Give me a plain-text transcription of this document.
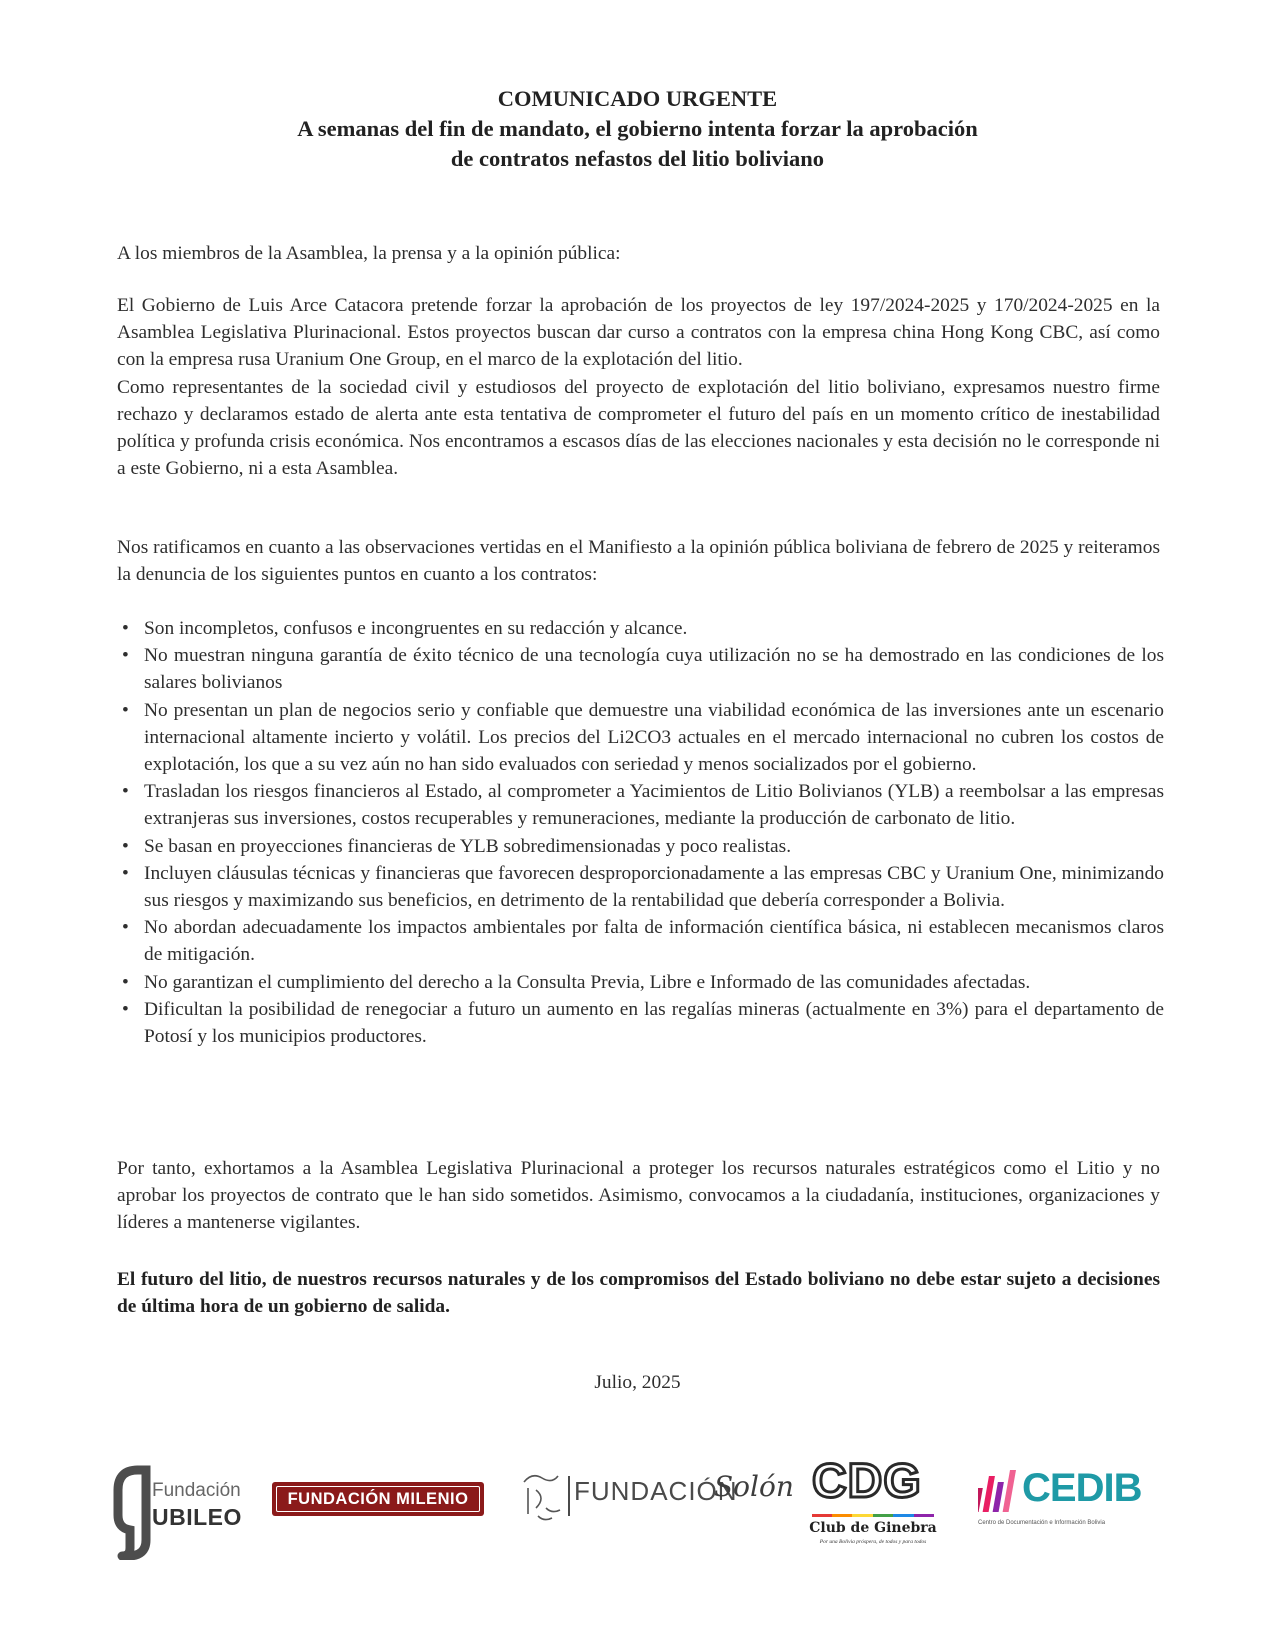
COMUNICADO URGENTE
A semanas del fin de mandato, el gobierno intenta forzar la aprobación
de contratos nefastos del litio boliviano

A los miembros de la Asamblea, la prensa y a la opinión pública:

El Gobierno de Luis Arce Catacora pretende forzar la aprobación de los proyectos de ley 197/2024-2025 y 170/2024-2025 en la Asamblea Legislativa Plurinacional. Estos proyectos buscan dar curso a contratos con la empresa china Hong Kong CBC, así como con la empresa rusa Uranium One Group, en el marco de la explotación del litio.

Como representantes de la sociedad civil y estudiosos del proyecto de explotación del litio boliviano, expresamos nuestro firme rechazo y declaramos estado de alerta ante esta tentativa de comprometer el futuro del país en un momento crítico de inestabilidad política y profunda crisis económica. Nos encontramos a escasos días de las elecciones nacionales y esta decisión no le corresponde ni a este Gobierno, ni a esta Asamblea.

Nos ratificamos en cuanto a las observaciones vertidas en el Manifiesto a la opinión pública boliviana de febrero de 2025 y reiteramos la denuncia de los siguientes puntos en cuanto a los contratos:

• Son incompletos, confusos e incongruentes en su redacción y alcance.
• No muestran ninguna garantía de éxito técnico de una tecnología cuya utilización no se ha demostrado en las condiciones de los salares bolivianos
• No presentan un plan de negocios serio y confiable que demuestre una viabilidad económica de las inversiones ante un escenario internacional altamente incierto y volátil. Los precios del Li2CO3 actuales en el mercado internacional no cubren los costos de explotación, los que a su vez aún no han sido evaluados con seriedad y menos socializados por el gobierno.
• Trasladan los riesgos financieros al Estado, al comprometer a Yacimientos de Litio Bolivianos (YLB) a reembolsar a las empresas extranjeras sus inversiones, costos recuperables y remuneraciones, mediante la producción de carbonato de litio.
• Se basan en proyecciones financieras de YLB sobredimensionadas y poco realistas.
• Incluyen cláusulas técnicas y financieras que favorecen desproporcionadamente a las empresas CBC y Uranium One, minimizando sus riesgos y maximizando sus beneficios, en detrimento de la rentabilidad que debería corresponder a Bolivia.
• No abordan adecuadamente los impactos ambientales por falta de información científica básica, ni establecen mecanismos claros de mitigación.
• No garantizan el cumplimiento del derecho a la Consulta Previa, Libre e Informado de las comunidades afectadas.
• Dificultan la posibilidad de renegociar a futuro un aumento en las regalías mineras (actualmente en 3%) para el departamento de Potosí y los municipios productores.

Por tanto, exhortamos a la Asamblea Legislativa Plurinacional a proteger los recursos naturales estratégicos como el Litio y no aprobar los proyectos de contrato que le han sido sometidos. Asimismo, convocamos a la ciudadanía, instituciones, organizaciones y líderes a mantenerse vigilantes.

El futuro del litio, de nuestros recursos naturales y de los compromisos del Estado boliviano no debe estar sujeto a decisiones de última hora de un gobierno de salida.

Julio, 2025
Fundación
UBILEO
FUNDACIÓN MILENIO	FUNDACIÓN
Solón CDG
Club de Ginebra
Por una Bolivia próspera, de todos y para todos
CEDIB
Centro de Documentación e Información Bolivia
